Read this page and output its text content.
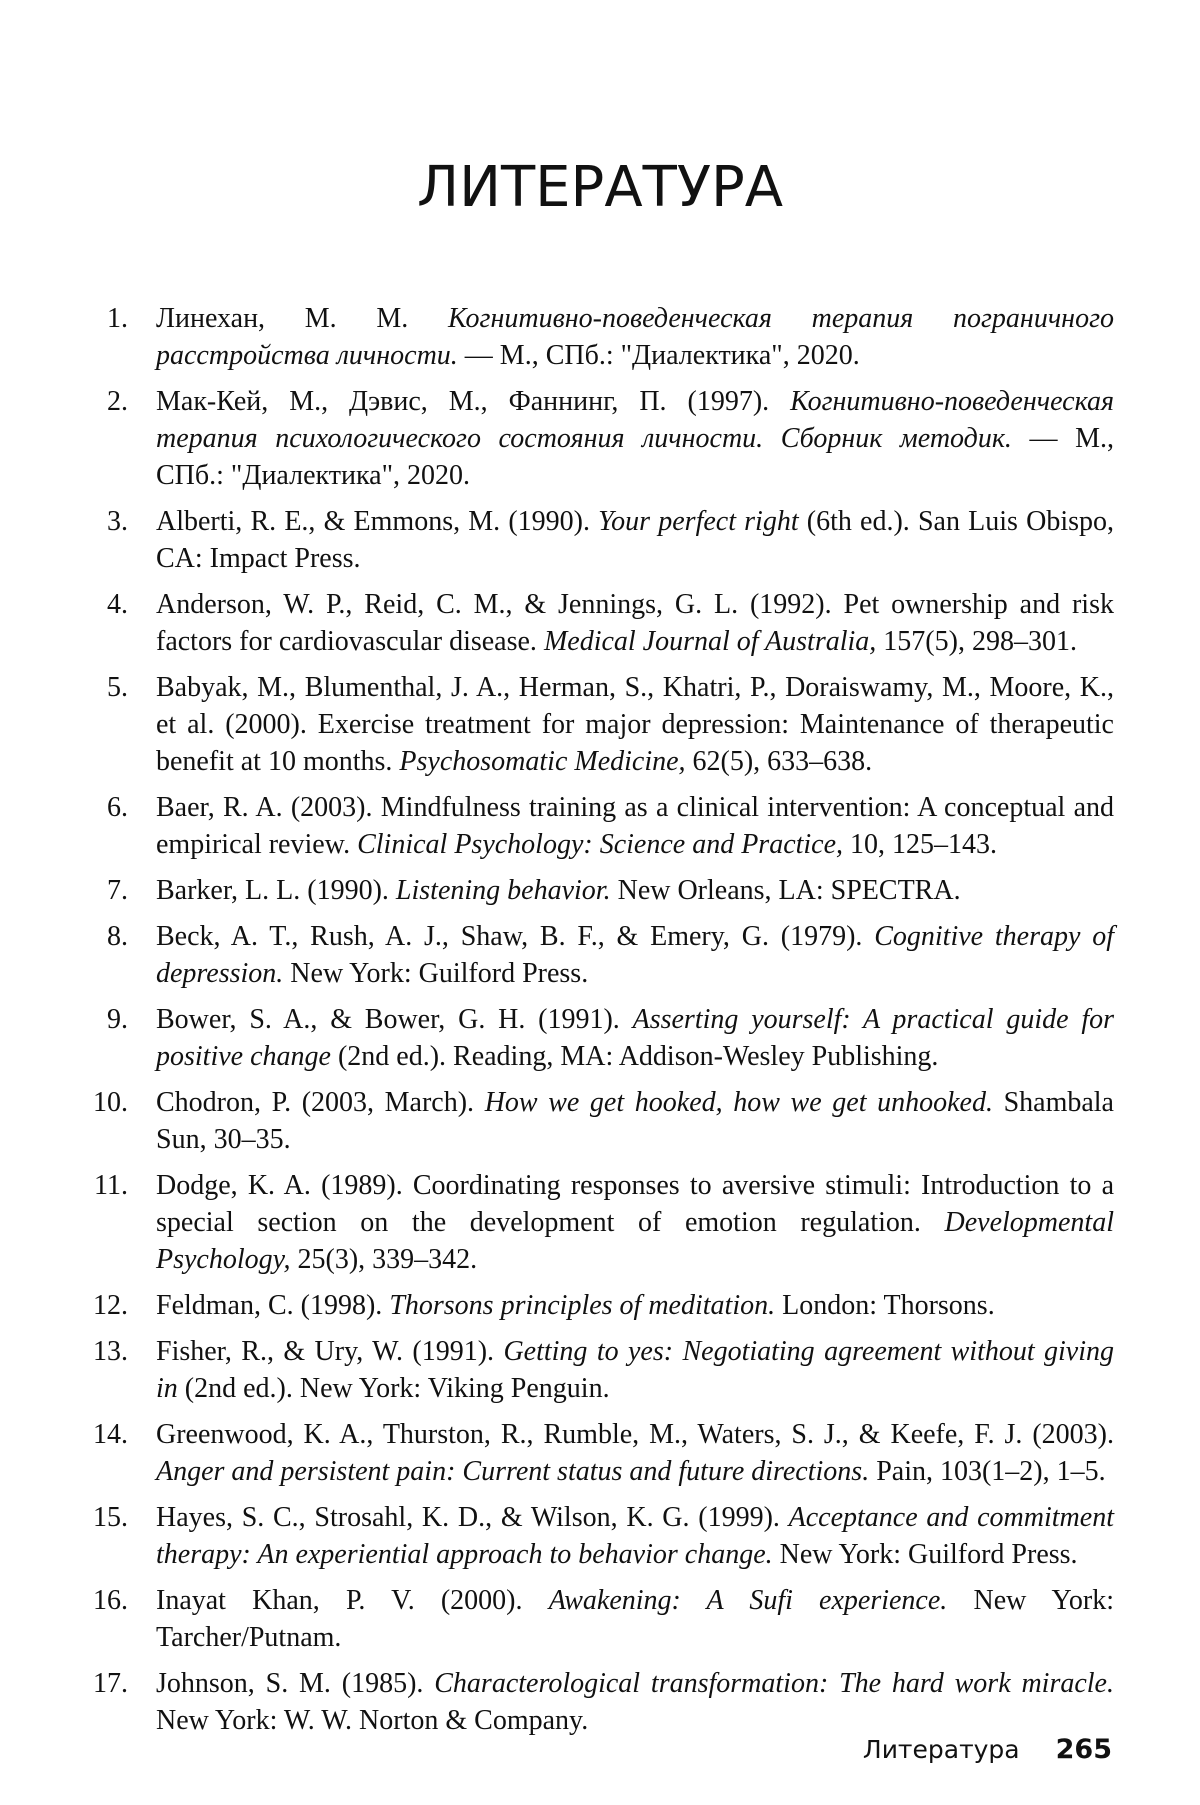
ЛИТЕРАТУРА
1. Линехан, М. М. Когнитивно-поведенческая терапия пограничного расстройства личности. — М., СПб.: "Диалектика", 2020.
2. Мак-Кей, М., Дэвис, М., Фаннинг, П. (1997). Когнитивно-поведенческая терапия психологического состояния личности. Сборник методик. — М., СПб.: "Диалектика", 2020.
3. Alberti, R. E., & Emmons, M. (1990). Your perfect right (6th ed.). San Luis Obispo, CA: Impact Press.
4. Anderson, W. P., Reid, C. M., & Jennings, G. L. (1992). Pet ownership and risk factors for cardiovascular disease. Medical Journal of Australia, 157(5), 298–301.
5. Babyak, M., Blumenthal, J. A., Herman, S., Khatri, P., Doraiswamy, M., Moore, K., et al. (2000). Exercise treatment for major depression: Maintenance of therapeutic benefit at 10 months. Psychosomatic Medicine, 62(5), 633–638.
6. Baer, R. A. (2003). Mindfulness training as a clinical intervention: A conceptual and empirical review. Clinical Psychology: Science and Practice, 10, 125–143.
7. Barker, L. L. (1990). Listening behavior. New Orleans, LA: SPECTRA.
8. Beck, A. T., Rush, A. J., Shaw, B. F., & Emery, G. (1979). Cognitive therapy of depression. New York: Guilford Press.
9. Bower, S. A., & Bower, G. H. (1991). Asserting yourself: A practical guide for positive change (2nd ed.). Reading, MA: Addison-Wesley Publishing.
10. Chodron, P. (2003, March). How we get hooked, how we get unhooked. Shambala Sun, 30–35.
11. Dodge, K. A. (1989). Coordinating responses to aversive stimuli: Introduction to a special section on the development of emotion regulation. Developmental Psychology, 25(3), 339–342.
12. Feldman, C. (1998). Thorsons principles of meditation. London: Thorsons.
13. Fisher, R., & Ury, W. (1991). Getting to yes: Negotiating agreement without giving in (2nd ed.). New York: Viking Penguin.
14. Greenwood, K. A., Thurston, R., Rumble, M., Waters, S. J., & Keefe, F. J. (2003). Anger and persistent pain: Current status and future directions. Pain, 103(1–2), 1–5.
15. Hayes, S. C., Strosahl, K. D., & Wilson, K. G. (1999). Acceptance and commitment therapy: An experiential approach to behavior change. New York: Guilford Press.
16. Inayat Khan, P. V. (2000). Awakening: A Sufi experience. New York: Tarcher/Putnam.
17. Johnson, S. M. (1985). Characterological transformation: The hard work miracle. New York: W. W. Norton & Company.
Литература 265
